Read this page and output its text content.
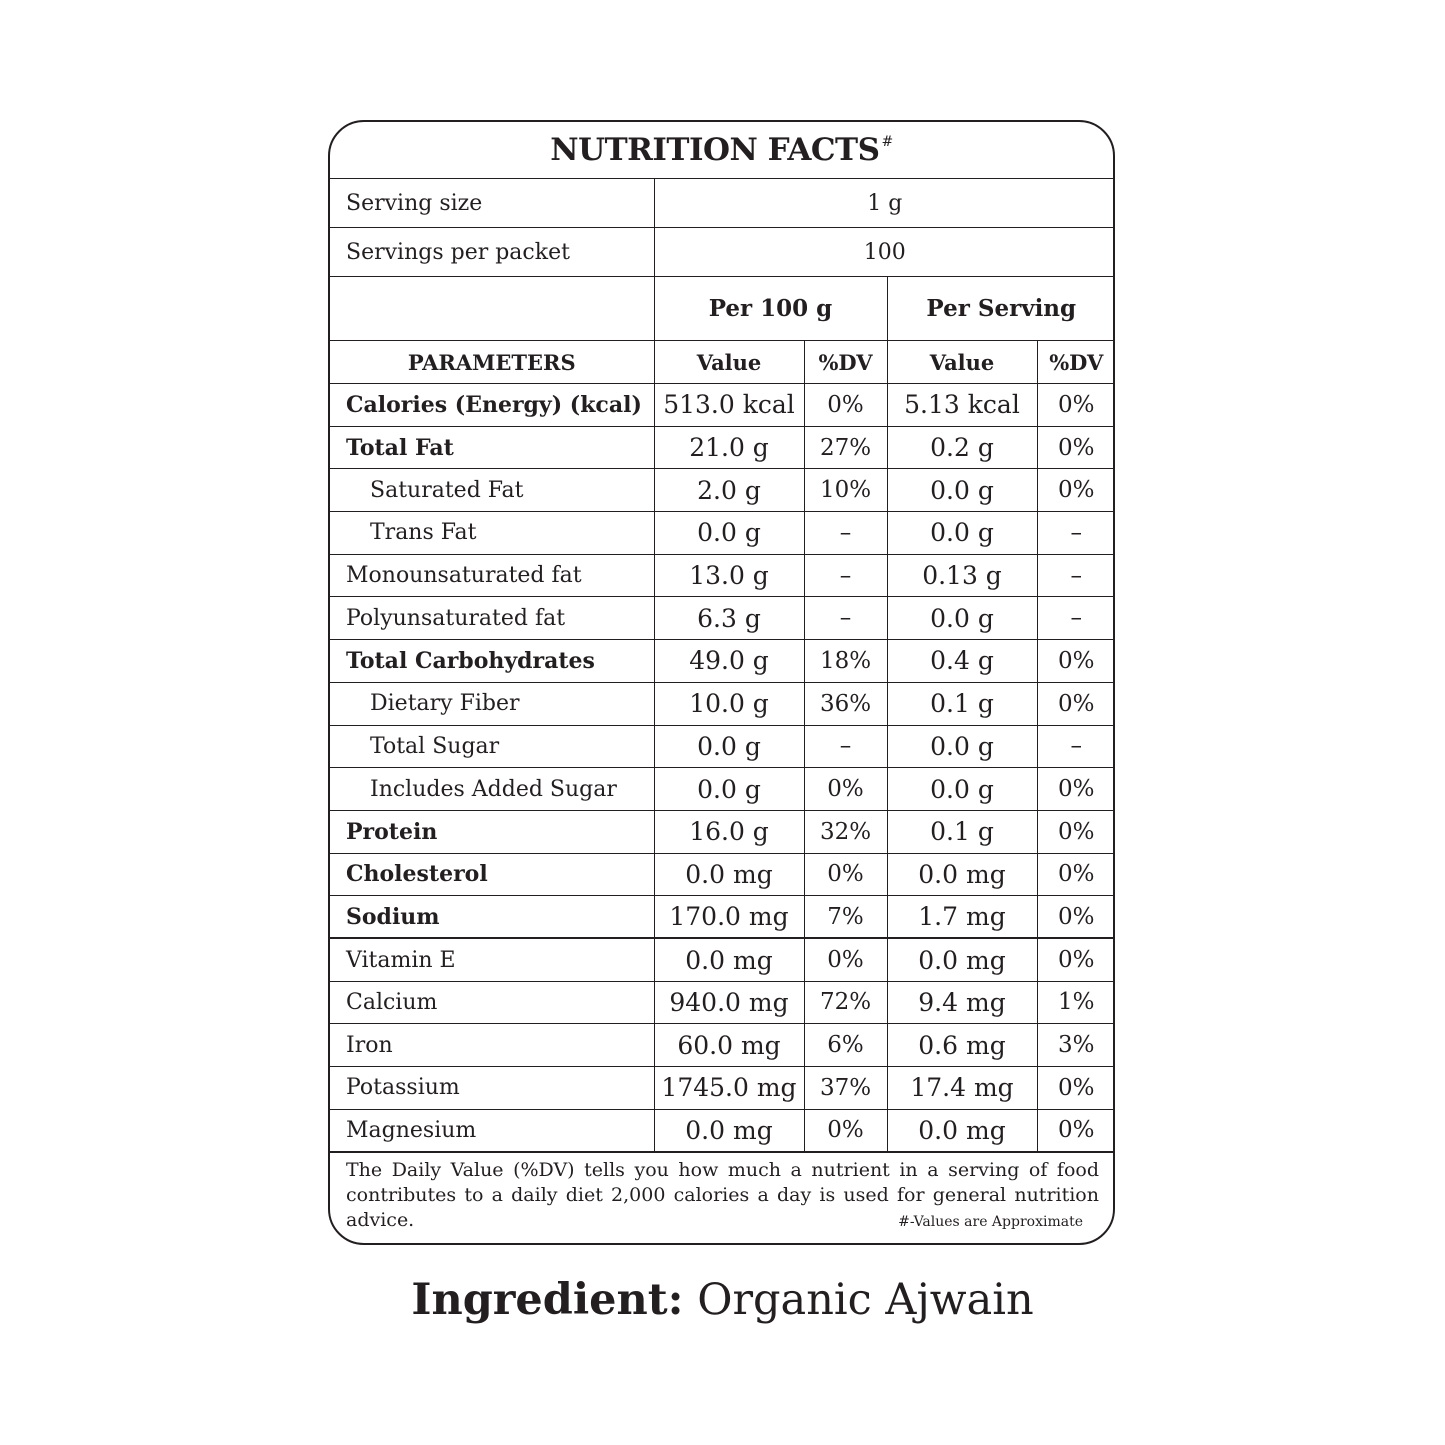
NUTRITION FACTS#
Serving size	1 g			
Servings per packet	100			
	Per 100 g		Per Serving	
PARAMETERS	Value	%DV	Value	%DV
Calories (Energy) (kcal)	513.0 kcal	0%	5.13 kcal	0%
Total Fat	21.0 g	27%	0.2 g	0%
Saturated Fat	2.0 g	10%	0.0 g	0%
Trans Fat	0.0 g	–	0.0 g	–
Monounsaturated fat	13.0 g	–	0.13 g	–
Polyunsaturated fat	6.3 g	–	0.0 g	–
Total Carbohydrates	49.0 g	18%	0.4 g	0%
Dietary Fiber	10.0 g	36%	0.1 g	0%
Total Sugar	0.0 g	–	0.0 g	–
Includes Added Sugar	0.0 g	0%	0.0 g	0%
Protein	16.0 g	32%	0.1 g	0%
Cholesterol	0.0 mg	0%	0.0 mg	0%
Sodium	170.0 mg	7%	1.7 mg	0%
Vitamin E	0.0 mg	0%	0.0 mg	0%
Calcium	940.0 mg	72%	9.4 mg	1%
Iron	60.0 mg	6%	0.6 mg	3%
Potassium	1745.0 mg	37%	17.4 mg	0%
Magnesium	0.0 mg	0%	0.0 mg	0%
The Daily Value (%DV) tells you how much a nutrient in a serving of food contributes to a daily diet 2,000 calories a day is used for general nutrition advice.	#-Values are Approximate
Ingredient: Organic Ajwain
